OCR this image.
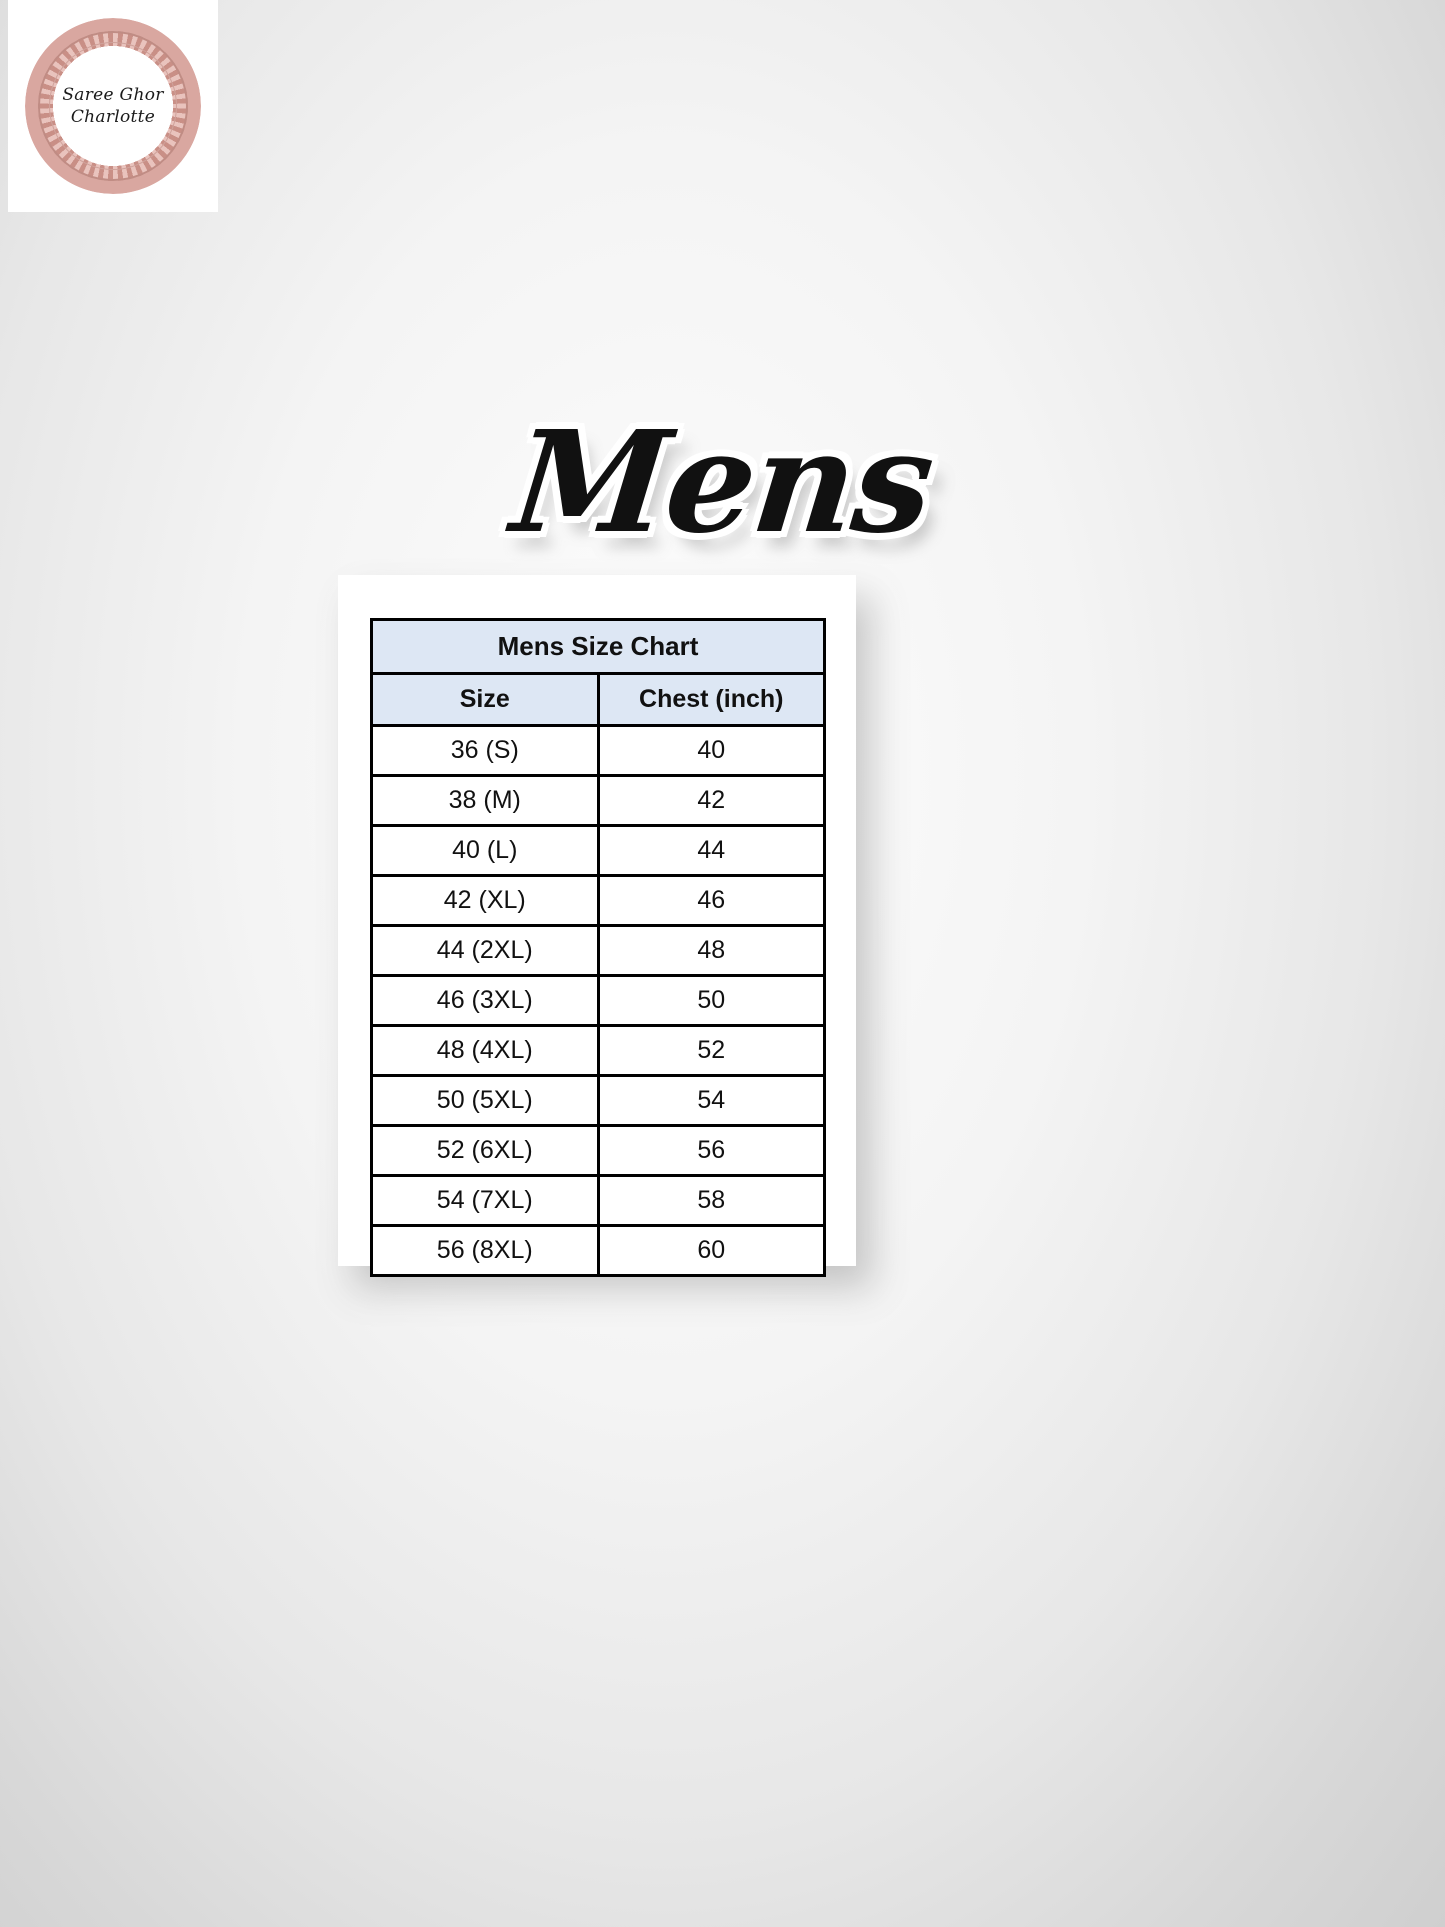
Saree Ghor
Charlotte
Mens
Mens Size Chart	
Size	Chest (inch)
36 (S)	40
38 (M)	42
40 (L)	44
42 (XL)	46
44 (2XL)	48
46 (3XL)	50
48 (4XL)	52
50 (5XL)	54
52 (6XL)	56
54 (7XL)	58
56 (8XL)	60
